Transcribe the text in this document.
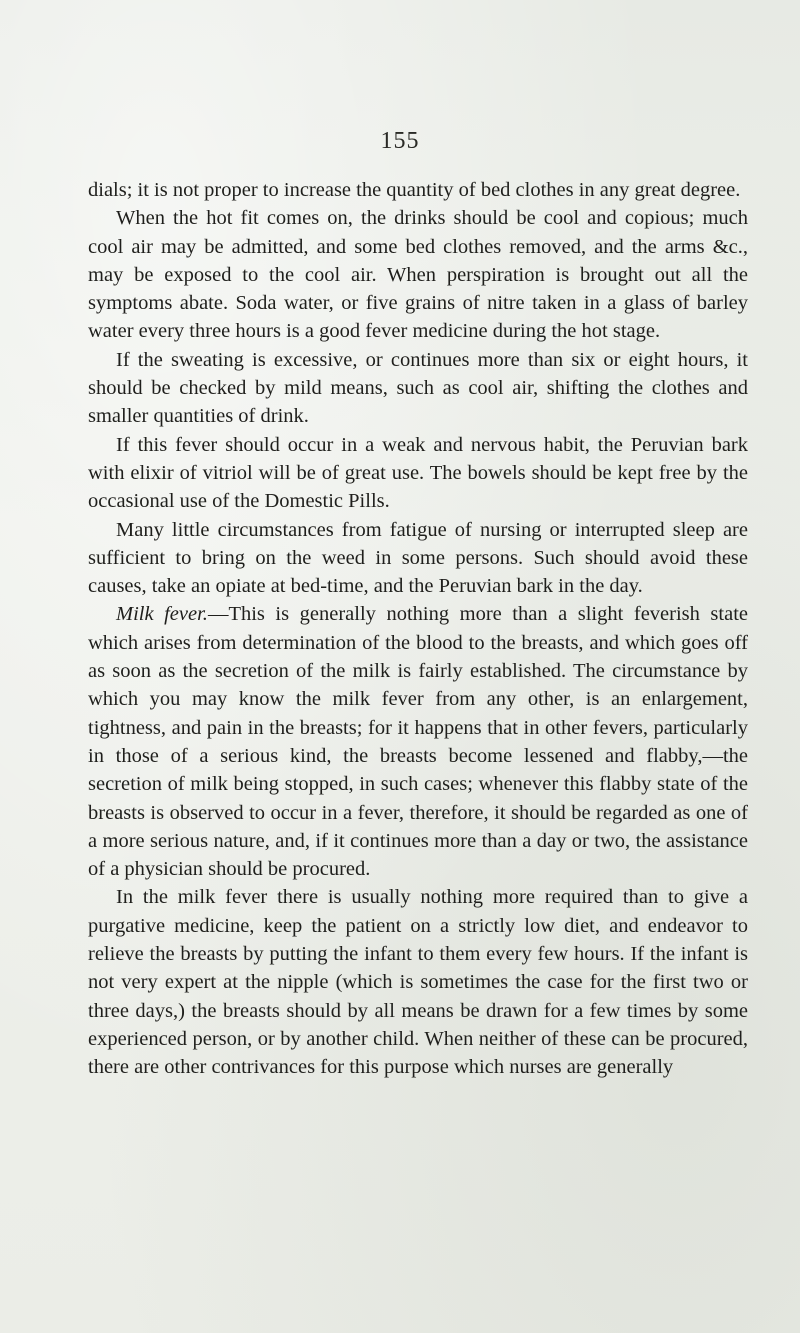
155

dials; it is not proper to increase the quantity of bed clothes in any great degree.

When the hot fit comes on, the drinks should be cool and copious; much cool air may be admitted, and some bed clothes removed, and the arms &c., may be exposed to the cool air. When perspiration is brought out all the symptoms abate. Soda water, or five grains of nitre taken in a glass of barley water every three hours is a good fever medicine during the hot stage.

If the sweating is excessive, or continues more than six or eight hours, it should be checked by mild means, such as cool air, shifting the clothes and smaller quantities of drink.

If this fever should occur in a weak and nervous habit, the Peruvian bark with elixir of vitriol will be of great use. The bowels should be kept free by the occasional use of the Domestic Pills.

Many little circumstances from fatigue of nursing or interrupted sleep are sufficient to bring on the weed in some persons. Such should avoid these causes, take an opiate at bed-time, and the Peruvian bark in the day.

Milk fever.—This is generally nothing more than a slight feverish state which arises from determination of the blood to the breasts, and which goes off as soon as the secretion of the milk is fairly established. The circumstance by which you may know the milk fever from any other, is an enlargement, tightness, and pain in the breasts; for it happens that in other fevers, particularly in those of a serious kind, the breasts become lessened and flabby,—the secretion of milk being stopped, in such cases; whenever this flabby state of the breasts is observed to occur in a fever, therefore, it should be regarded as one of a more serious nature, and, if it continues more than a day or two, the assistance of a physician should be procured.

In the milk fever there is usually nothing more required than to give a purgative medicine, keep the patient on a strictly low diet, and endeavor to relieve the breasts by putting the infant to them every few hours. If the infant is not very expert at the nipple (which is sometimes the case for the first two or three days,) the breasts should by all means be drawn for a few times by some experienced person, or by another child. When neither of these can be procured, there are other contrivances for this purpose which nurses are generally
